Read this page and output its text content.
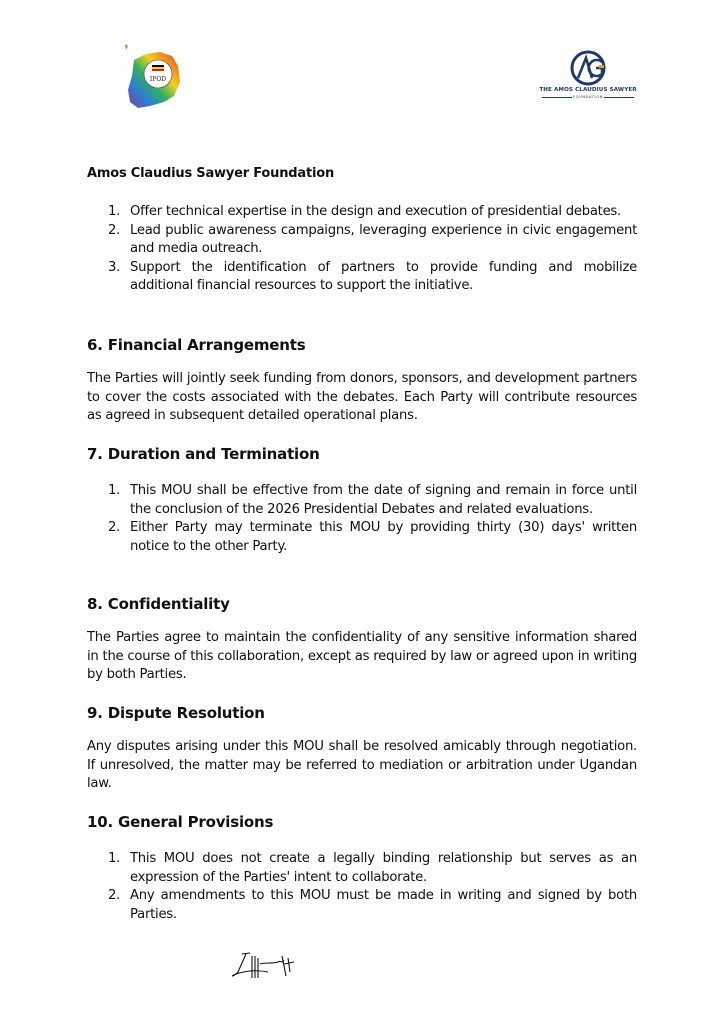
IPOD
THE AMOS CLAUDIUS SAWYER
FOUNDATION
Amos Claudius Sawyer Foundation
1. Offer technical expertise in the design and execution of presidential debates.
2. Lead public awareness campaigns, leveraging experience in civic engagement and media outreach.
3. Support the identification of partners to provide funding and mobilize additional financial resources to support the initiative.
6. Financial Arrangements
The Parties will jointly seek funding from donors, sponsors, and development partners to cover the costs associated with the debates. Each Party will contribute resources as agreed in subsequent detailed operational plans.
7. Duration and Termination
1. This MOU shall be effective from the date of signing and remain in force until the conclusion of the 2026 Presidential Debates and related evaluations.
2. Either Party may terminate this MOU by providing thirty (30) days' written notice to the other Party.
8. Confidentiality
The Parties agree to maintain the confidentiality of any sensitive information shared in the course of this collaboration, except as required by law or agreed upon in writing by both Parties.
9. Dispute Resolution
Any disputes arising under this MOU shall be resolved amicably through negotiation. If unresolved, the matter may be referred to mediation or arbitration under Ugandan law.
10. General Provisions
1. This MOU does not create a legally binding relationship but serves as an expression of the Parties' intent to collaborate.
2. Any amendments to this MOU must be made in writing and signed by both Parties.
